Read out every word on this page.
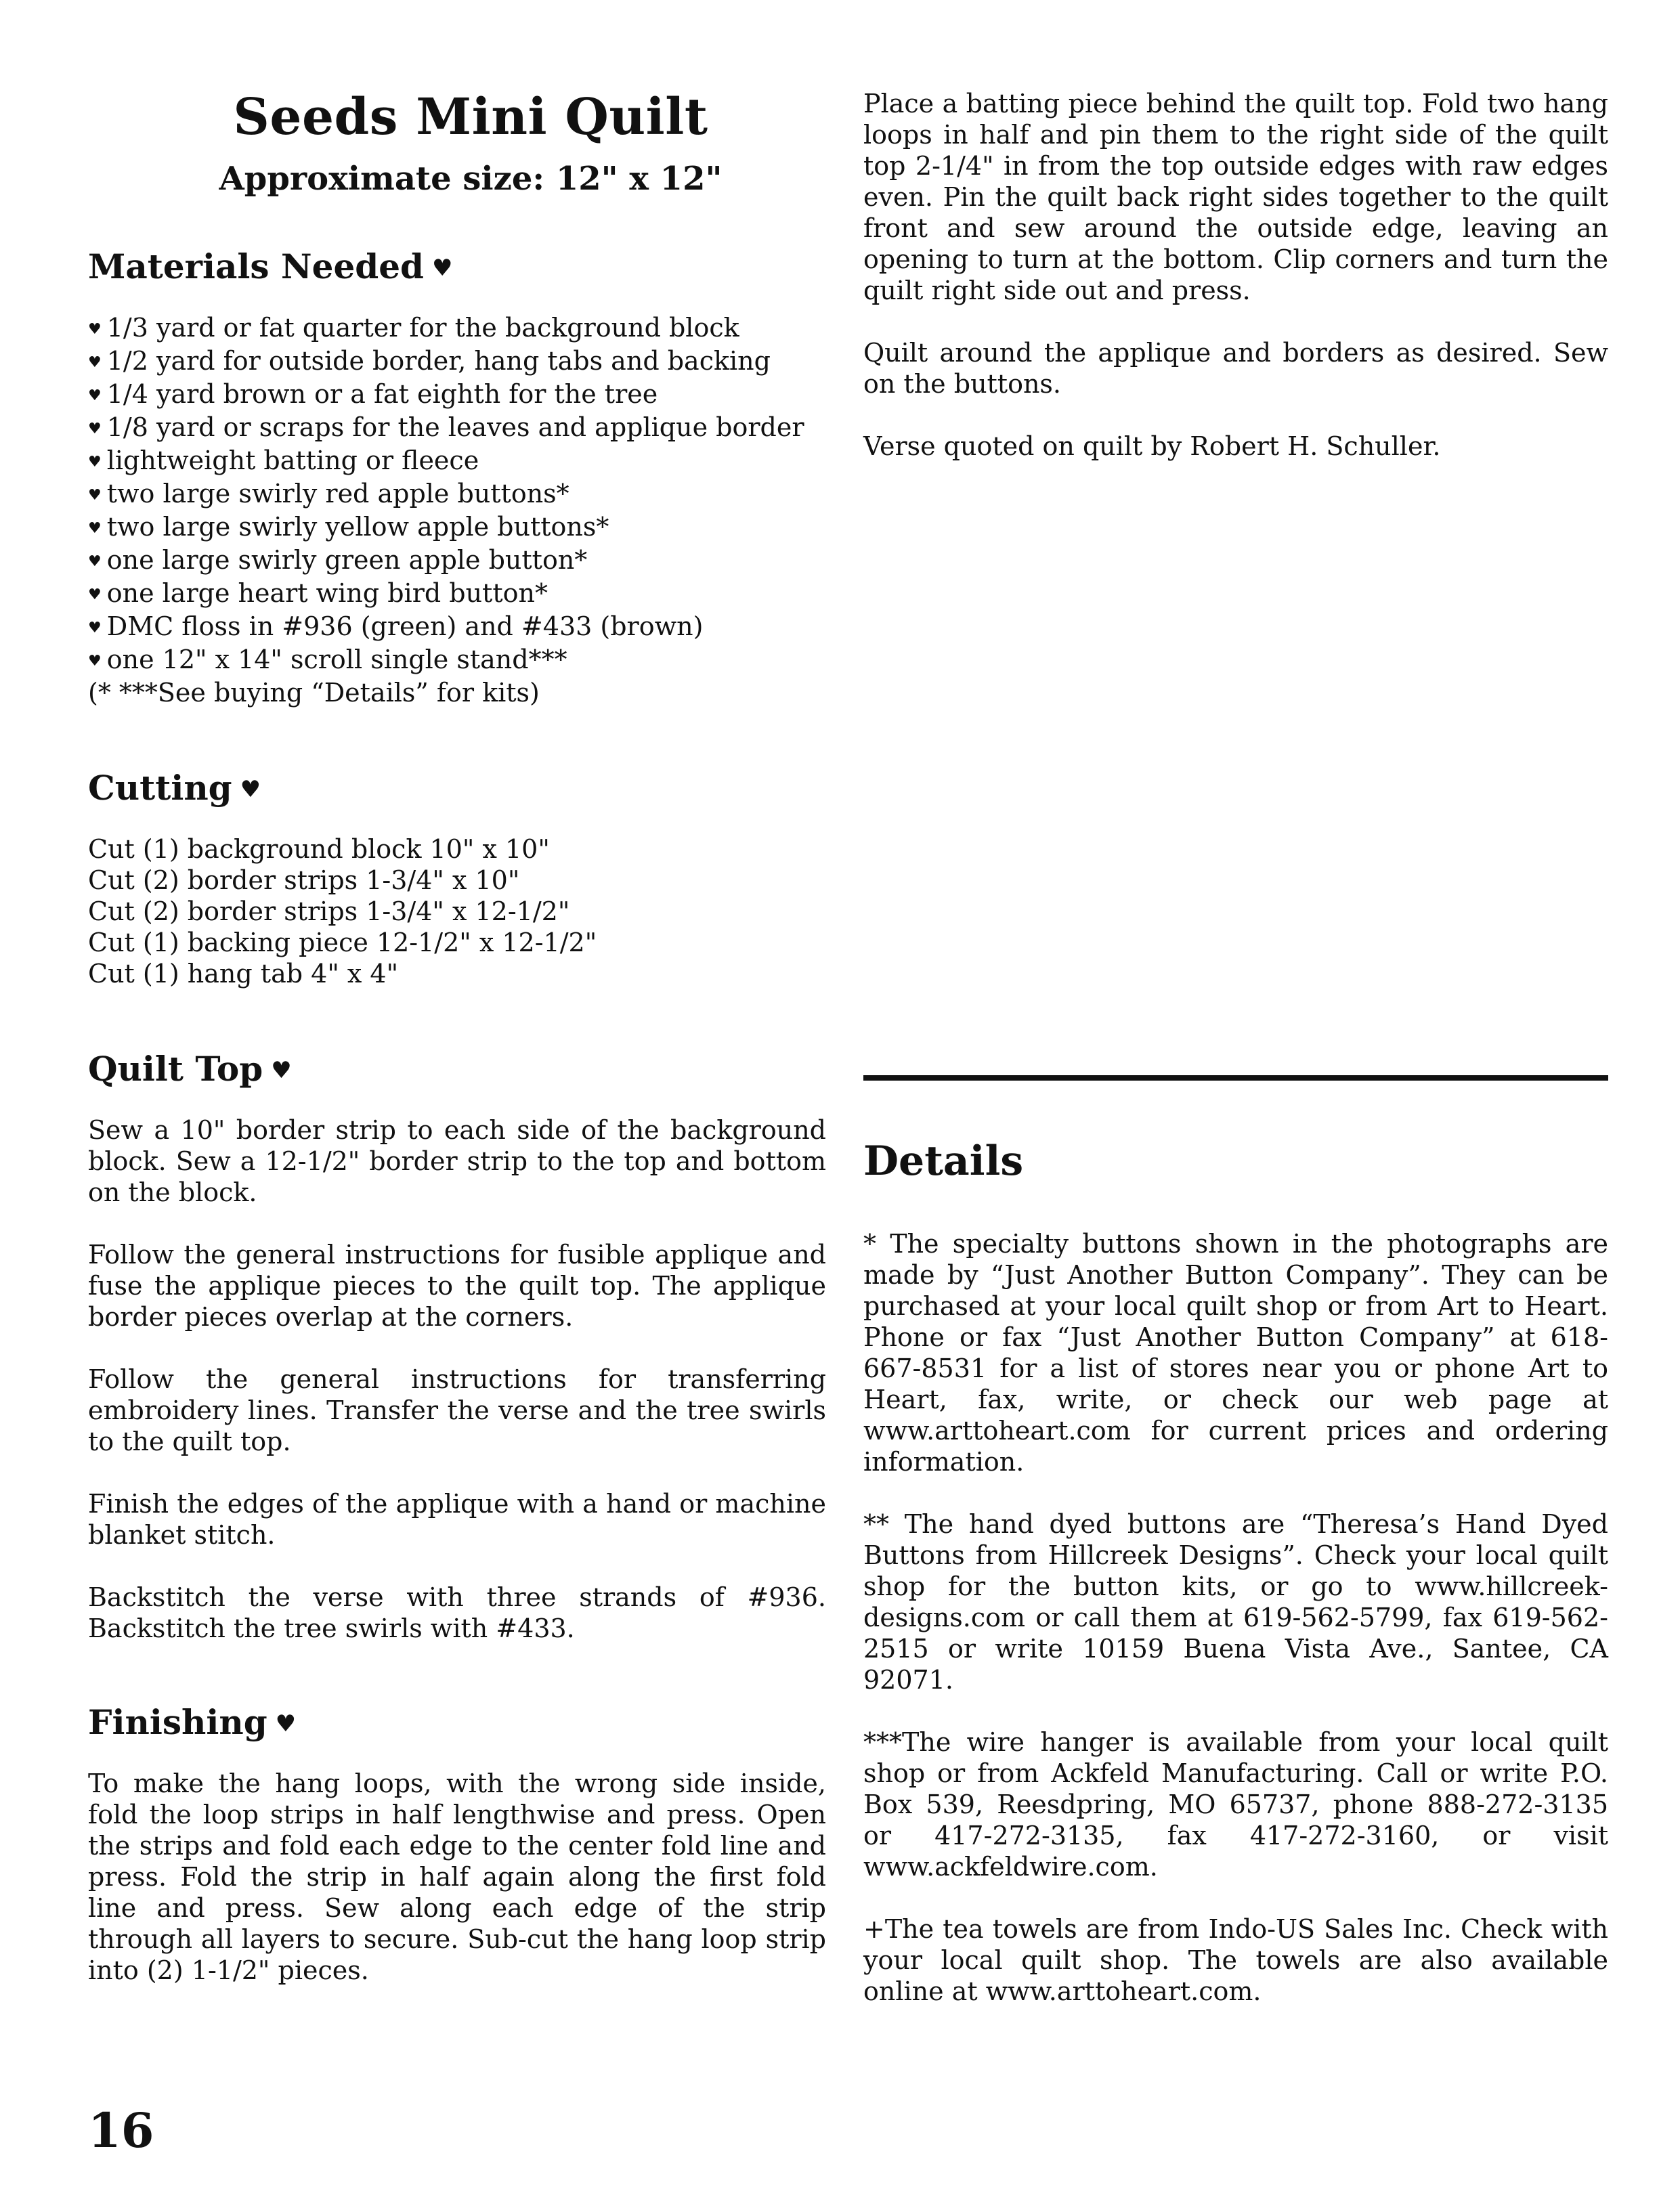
Seeds Mini Quilt
Approximate size: 12" x 12"
Materials Needed ♥
♥ 1/3 yard or fat quarter for the background block
♥ 1/2 yard for outside border, hang tabs and backing
♥ 1/4 yard brown or a fat eighth for the tree
♥ 1/8 yard or scraps for the leaves and applique border
♥ lightweight batting or fleece
♥ two large swirly red apple buttons*
♥ two large swirly yellow apple buttons*
♥ one large swirly green apple button*
♥ one large heart wing bird button*
♥ DMC floss in #936 (green) and #433 (brown)
♥ one 12" x 14" scroll single stand***
(* ***See buying “Details” for kits)
Cutting ♥
Cut (1) background block 10" x 10"
Cut (2) border strips 1-3/4" x 10"
Cut (2) border strips 1-3/4" x 12-1/2"
Cut (1) backing piece 12-1/2" x 12-1/2"
Cut (1) hang tab 4" x 4"
Quilt Top ♥

Sew a 10" border strip to each side of the background block. Sew a 12-1/2" border strip to the top and bottom on the block.

Follow the general instructions for fusible applique and fuse the applique pieces to the quilt top. The applique border pieces overlap at the corners.

Follow the general instructions for transferring embroidery lines. Transfer the verse and the tree swirls to the quilt top.

Finish the edges of the applique with a hand or machine blanket stitch.

Backstitch the verse with three strands of #936. Backstitch the tree swirls with #433.

Finishing ♥

To make the hang loops, with the wrong side inside, fold the loop strips in half lengthwise and press. Open the strips and fold each edge to the center fold line and press. Fold the strip in half again along the first fold line and press. Sew along each edge of the strip through all layers to secure. Sub-cut the hang loop strip into (2) 1-1/2" pieces.

Place a batting piece behind the quilt top. Fold two hang loops in half and pin them to the right side of the quilt top 2-1/4" in from the top outside edges with raw edges even. Pin the quilt back right sides together to the quilt front and sew around the outside edge, leaving an opening to turn at the bottom. Clip corners and turn the quilt right side out and press.

Quilt around the applique and borders as desired. Sew on the buttons.

Verse quoted on quilt by Robert H. Schuller.

Details

* The specialty buttons shown in the photographs are made by “Just Another Button Company”. They can be purchased at your local quilt shop or from Art to Heart. Phone or fax “Just Another Button Company” at 618-667-8531 for a list of stores near you or phone Art to Heart, fax, write, or check our web page at www.arttoheart.com for current prices and ordering information.

** The hand dyed buttons are “Theresa’s Hand Dyed Buttons from Hillcreek Designs”. Check your local quilt shop for the button kits, or go to www.hillcreek-designs.com or call them at 619-562-5799, fax 619-562-2515 or write 10159 Buena Vista Ave., Santee, CA 92071.

***The wire hanger is available from your local quilt shop or from Ackfeld Manufacturing. Call or write P.O. Box 539, Reesdpring, MO 65737, phone 888-272-3135 or 417-272-3135, fax 417-272-3160, or visit www.ackfeldwire.com.

+The tea towels are from Indo-US Sales Inc. Check with your local quilt shop. The towels are also available online at www.arttoheart.com.

16
